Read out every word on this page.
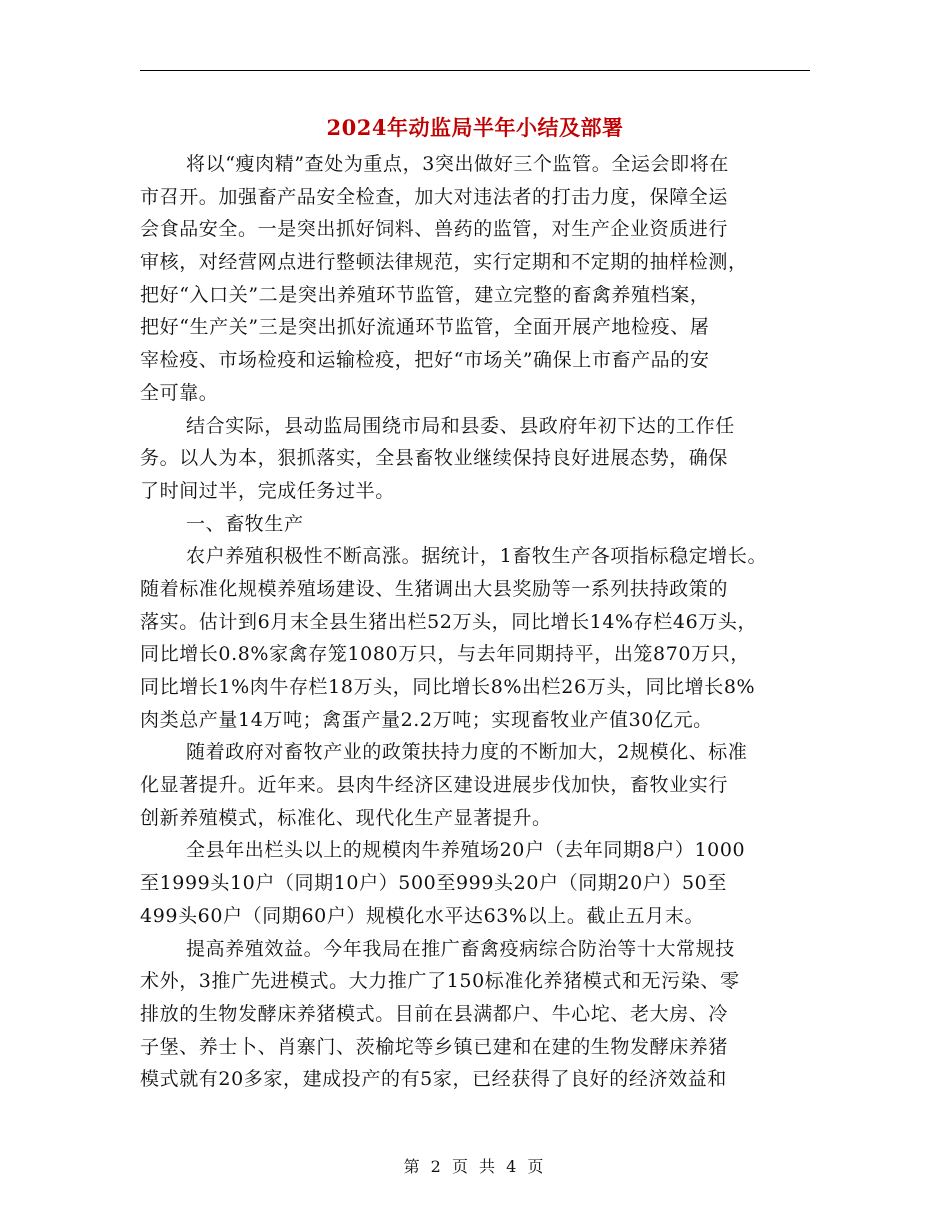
2024年动监局半年小结及部署
将以“瘦肉精”查处为重点，3突出做好三个监管。全运会即将在
市召开。加强畜产品安全检查，加大对违法者的打击力度，保障全运
会食品安全。一是突出抓好饲料、兽药的监管，对生产企业资质进行
审核，对经营网点进行整顿法律规范，实行定期和不定期的抽样检测，
把好“入口关”二是突出养殖环节监管，建立完整的畜禽养殖档案，
把好“生产关”三是突出抓好流通环节监管，全面开展产地检疫、屠
宰检疫、市场检疫和运输检疫，把好“市场关”确保上市畜产品的安
全可靠。
结合实际，县动监局围绕市局和县委、县政府年初下达的工作任
务。以人为本，狠抓落实，全县畜牧业继续保持良好进展态势，确保
了时间过半，完成任务过半。
一、畜牧生产
农户养殖积极性不断高涨。据统计，1畜牧生产各项指标稳定增长。
随着标准化规模养殖场建设、生猪调出大县奖励等一系列扶持政策的
落实。估计到6月末全县生猪出栏52万头，同比增长14%存栏46万头，
同比增长0.8%家禽存笼1080万只，与去年同期持平，出笼870万只，
同比增长1%肉牛存栏18万头，同比增长8%出栏26万头，同比增长8%
肉类总产量14万吨；禽蛋产量2.2万吨；实现畜牧业产值30亿元。
随着政府对畜牧产业的政策扶持力度的不断加大，2规模化、标准
化显著提升。近年来。县肉牛经济区建设进展步伐加快，畜牧业实行
创新养殖模式，标准化、现代化生产显著提升。
全县年出栏头以上的规模肉牛养殖场20户（去年同期8户）1000
至1999头10户（同期10户）500至999头20户（同期20户）50至
499头60户（同期60户）规模化水平达63%以上。截止五月末。
提高养殖效益。今年我局在推广畜禽疫病综合防治等十大常规技
术外，3推广先进模式。大力推广了150标准化养猪模式和无污染、零
排放的生物发酵床养猪模式。目前在县满都户、牛心坨、老大房、冷
子堡、养士卜、肖寨门、茨榆坨等乡镇已建和在建的生物发酵床养猪
模式就有20多家，建成投产的有5家，已经获得了良好的经济效益和
第 2 页 共 4 页
